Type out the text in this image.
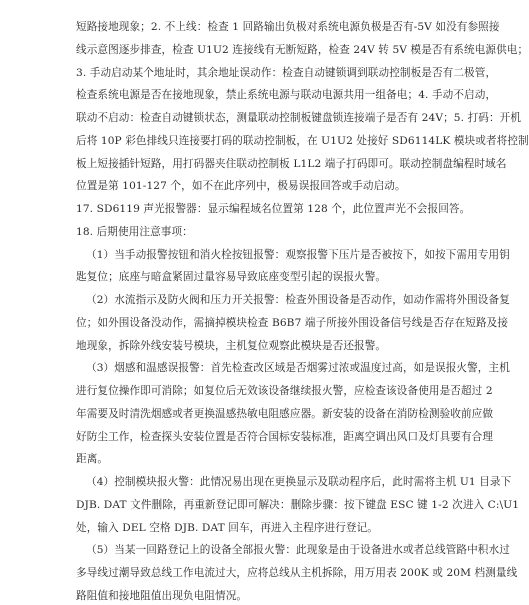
短路接地现象；2. 不上线：检查 1 回路输出负极对系统电源负极是否有-5V 如没有参照接
线示意图逐步排查，检查 U1U2 连接线有无断短路，检查 24V 转 5V 模是否有系统电源供电；
3. 手动启动某个地址时，其余地址误动作：检查自动键锁调到联动控制板是否有二极管，
检查系统电源是否在接地现象，禁止系统电源与联动电源共用一组备电；4. 手动不启动，
联动不启动：检查自动键锁状态，测量联动控制板键盘锁连接端子是否有 24V；5. 打码：开机
后将 10P 彩色排线只连接要打码的联动控制板，在 U1U2 处接好 SD6114LK 模块或者将控制
板上短接插针短路，用打码器夹住联动控制板 L1L2 端子打码即可。联动控制盘编程时域名
位置是第 101-127 个，如不在此序列中，极易误报回答或手动启动。
17. SD6119 声光报警器：显示编程域名位置第 128 个，此位置声光不会报回答。
18. 后期使用注意事项：
（1）当手动报警按钮和消火栓按钮报警：观察报警下压片是否被按下，如按下需用专用钥
匙复位；底座与暗盒紧固过量容易导致底座变型引起的误报火警。
（2）水流指示及防火阀和压力开关报警：检查外围设备是否动作，如动作需将外围设备复
位；如外围设备没动作，需摘掉模块检查 B6B7 端子所接外围设备信号线是否存在短路及接
地现象，拆除外线安装号模块，主机复位观察此模块是否还报警。
（3）烟感和温感误报警：首先检查改区域是否烟雾过浓或温度过高，如是误报火警，主机
进行复位操作即可消除；如复位后无效该设备继续报火警，应检查该设备使用是否超过 2
年需要及时清洗烟感或者更换温感热敏电阻感应器。新安装的设备在消防检测验收前应做
好防尘工作，检查探头安装位置是否符合国标安装标准，距离空调出风口及灯具要有合理
距离。
（4）控制模块报火警：此情况易出现在更换显示及联动程序后，此时需将主机 U1 目录下
DJB. DAT 文件删除，再重新登记即可解决：删除步骤：按下键盘 ESC 键 1-2 次进入 C:\U1
处，输入 DEL 空格 DJB. DAT 回车，再进入主程序进行登记。
（5）当某一回路登记上的设备全部报火警：此现象是由于设备进水或者总线管路中积水过
多导线过潮导致总线工作电流过大，应将总线从主机拆除，用万用表 200K 或 20M 档测量线
路阻值和接地阻值出现负电阻情况。
